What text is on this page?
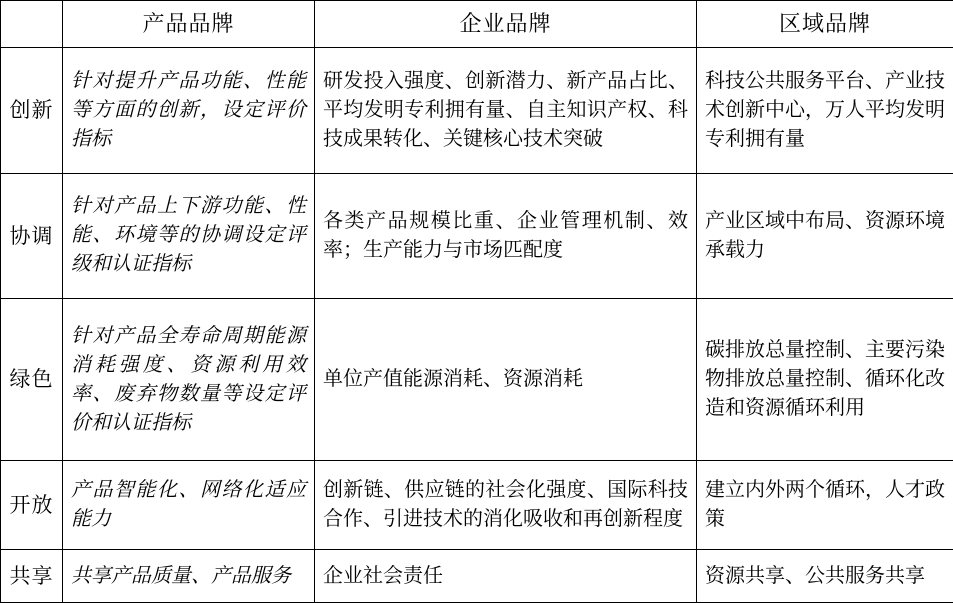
	产品品牌	企业品牌	区域品牌
创新	针对提升产品功能、性能等方面的创新，设定评价指标	研发投入强度、创新潜力、新产品占比、平均发明专利拥有量、自主知识产权、科技成果转化、关键核心技术突破	科技公共服务平台、产业技术创新中心，万人平均发明专利拥有量
协调	针对产品上下游功能、性能、环境等的协调设定评级和认证指标	各类产品规模比重、企业管理机制、效率；生产能力与市场匹配度	产业区域中布局、资源环境承载力
绿色	针对产品全寿命周期能源消耗强度、资源利用效率、废弃物数量等设定评价和认证指标	单位产值能源消耗、资源消耗	碳排放总量控制、主要污染物排放总量控制、循环化改造和资源循环利用
开放	产品智能化、网络化适应能力	创新链、供应链的社会化强度、国际科技合作、引进技术的消化吸收和再创新程度	建立内外两个循环，人才政策
共享	共享产品质量、产品服务	企业社会责任	资源共享、公共服务共享
